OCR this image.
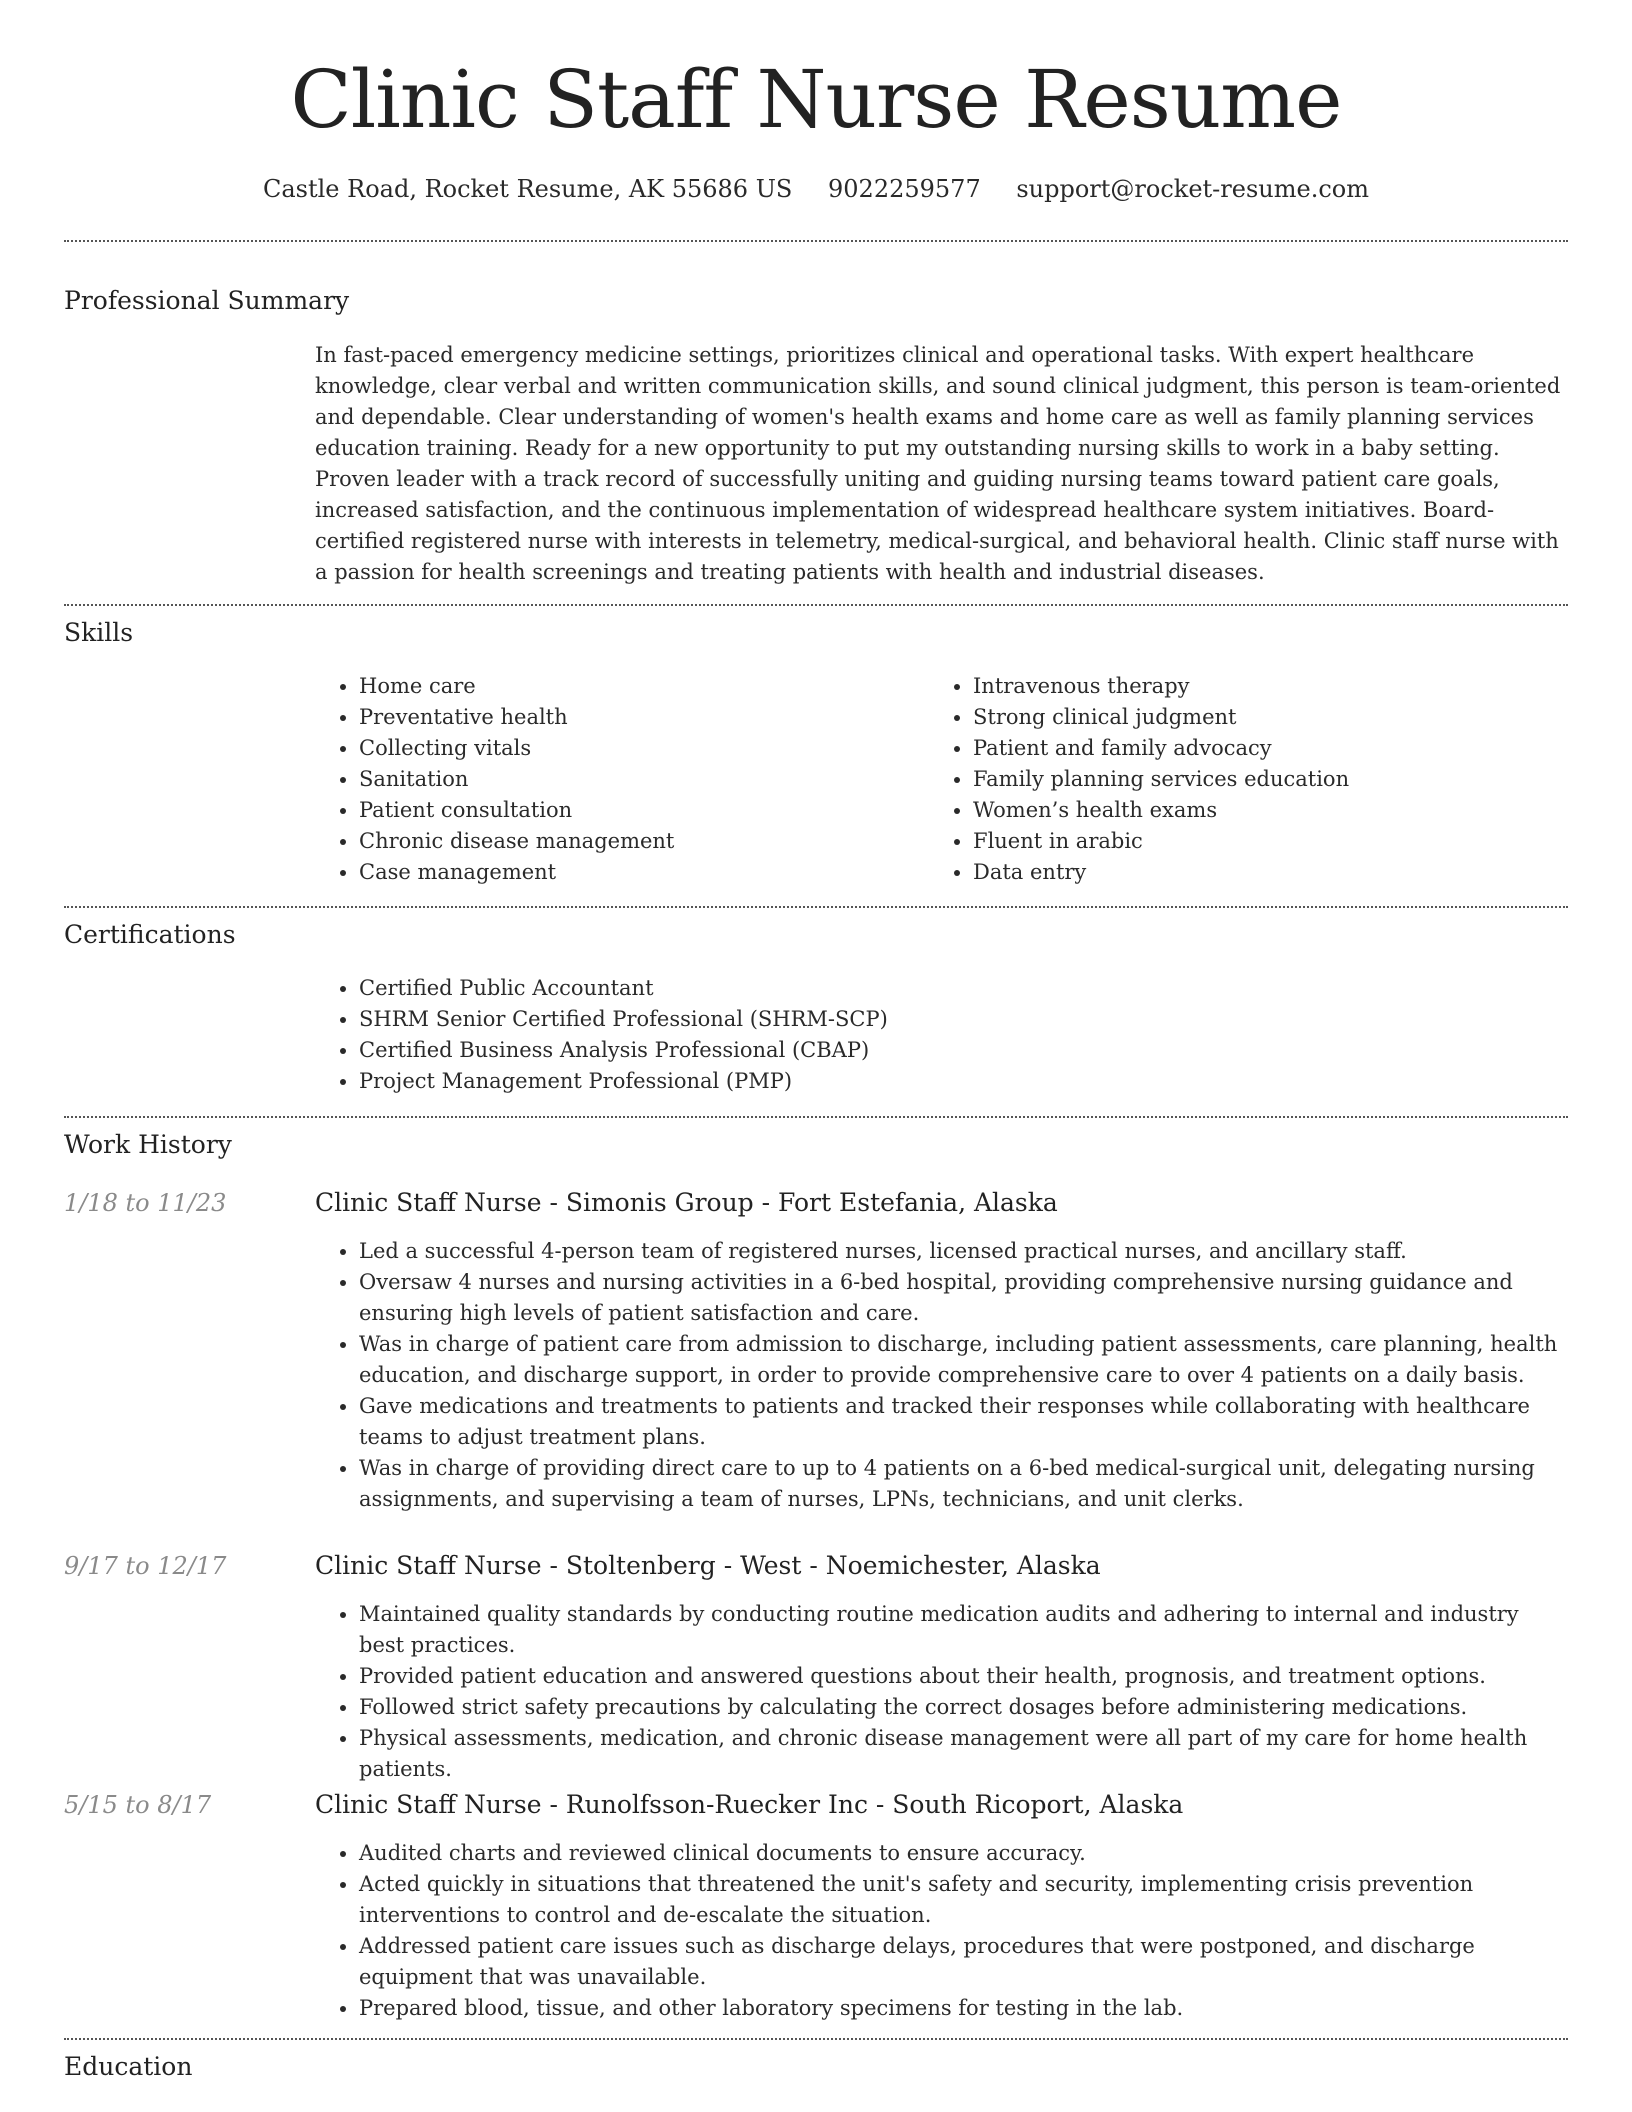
Clinic Staff Nurse Resume
Castle Road, Rocket Resume, AK 55686 US 9022259577 support@rocket-resume.com
Professional Summary

In fast-paced emergency medicine settings, prioritizes clinical and operational tasks. With expert healthcare knowledge, clear verbal and written communication skills, and sound clinical judgment, this person is team-oriented and dependable. Clear understanding of women's health exams and home care as well as family planning services education training. Ready for a new opportunity to put my outstanding nursing skills to work in a baby setting. Proven leader with a track record of successfully uniting and guiding nursing teams toward patient care goals, increased satisfaction, and the continuous implementation of widespread healthcare system initiatives. Board-certified registered nurse with interests in telemetry, medical-surgical, and behavioral health. Clinic staff nurse with a passion for health screenings and treating patients with health and industrial diseases.

Skills
• Home care
• Preventative health
• Collecting vitals
• Sanitation
• Patient consultation
• Chronic disease management
• Case management
• Intravenous therapy
• Strong clinical judgment
• Patient and family advocacy
• Family planning services education
• Women’s health exams
• Fluent in arabic
• Data entry
Certifications
• Certified Public Accountant
• SHRM Senior Certified Professional (SHRM-SCP)
• Certified Business Analysis Professional (CBAP)
• Project Management Professional (PMP)
Work History
1/18 to 11/23	Clinic Staff Nurse - Simonis Group - Fort Estefania, Alaska
• Led a successful 4-person team of registered nurses, licensed practical nurses, and ancillary staff.
• Oversaw 4 nurses and nursing activities in a 6-bed hospital, providing comprehensive nursing guidance and ensuring high levels of patient satisfaction and care.
• Was in charge of patient care from admission to discharge, including patient assessments, care planning, health education, and discharge support, in order to provide comprehensive care to over 4 patients on a daily basis.
• Gave medications and treatments to patients and tracked their responses while collaborating with healthcare teams to adjust treatment plans.
• Was in charge of providing direct care to up to 4 patients on a 6-bed medical-surgical unit, delegating nursing assignments, and supervising a team of nurses, LPNs, technicians, and unit clerks.
9/17 to 12/17	Clinic Staff Nurse - Stoltenberg - West - Noemichester, Alaska
• Maintained quality standards by conducting routine medication audits and adhering to internal and industry best practices.
• Provided patient education and answered questions about their health, prognosis, and treatment options.
• Followed strict safety precautions by calculating the correct dosages before administering medications.
• Physical assessments, medication, and chronic disease management were all part of my care for home health patients.
5/15 to 8/17	Clinic Staff Nurse - Runolfsson-Ruecker Inc - South Ricoport, Alaska
• Audited charts and reviewed clinical documents to ensure accuracy.
• Acted quickly in situations that threatened the unit's safety and security, implementing crisis prevention interventions to control and de-escalate the situation.
• Addressed patient care issues such as discharge delays, procedures that were postponed, and discharge equipment that was unavailable.
• Prepared blood, tissue, and other laboratory specimens for testing in the lab.
Education
